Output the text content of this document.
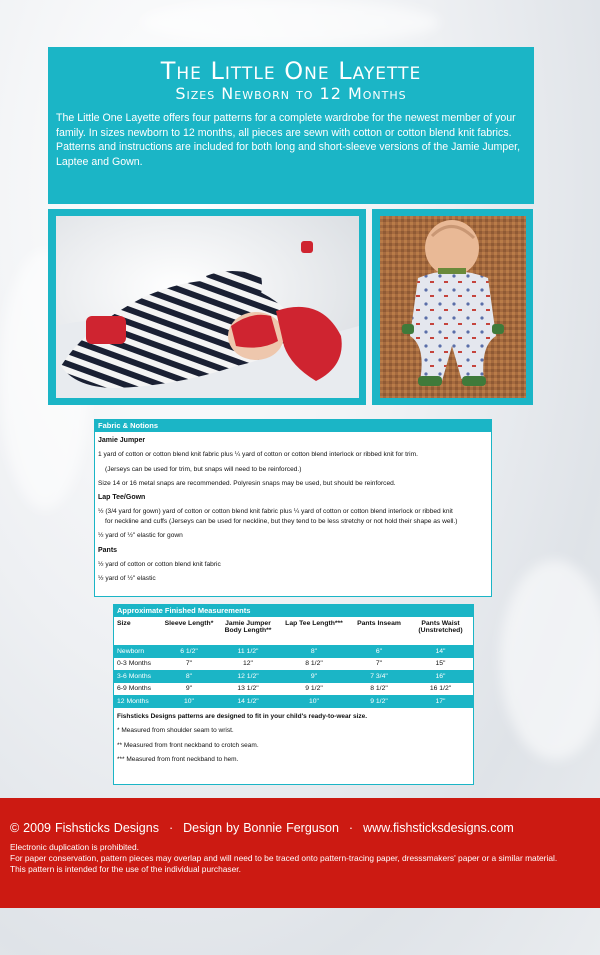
The Little One Layette
Sizes Newborn to 12 Months
The Little One Layette offers four patterns for a complete wardrobe for the newest member of your family. In sizes newborn to 12 months, all pieces are sewn with cotton or cotton blend knit fabrics. Patterns and instructions are included for both long and short-sleeve versions of the Jamie Jumper, Laptee and Gown.
Fabric & Notions
Jamie Jumper
1 yard of cotton or cotton blend knit fabric plus ¼ yard of cotton or cotton blend interlock or ribbed knit for trim.
(Jerseys can be used for trim, but snaps will need to be reinforced.)
Size 14 or 16 metal snaps are recommended. Polyresin snaps may be used, but should be reinforced.
Lap Tee/Gown
½ (3/4 yard for gown) yard of cotton or cotton blend knit fabric plus ¼ yard of cotton or cotton blend interlock or ribbed knit
for neckline and cuffs (Jerseys can be used for neckline, but they tend to be less stretchy or not hold their shape as well.)
½ yard of ½" elastic for gown
Pants
½ yard of cotton or cotton blend knit fabric
½ yard of ½" elastic
Approximate Finished Measurements
Size	Sleeve Length*	Jamie Jumper Body Length**	Lap Tee Length***	Pants Inseam	Pants Waist (Unstretched)
Newborn	6 1/2"	11 1/2"	8"	6"	14"
0-3 Months	7"	12"	8 1/2"	7"	15"
3-6 Months	8"	12 1/2"	9"	7 3/4"	16"
6-9 Months	9"	13 1/2"	9 1/2"	8 1/2"	16 1/2"
12 Months	10"	14 1/2"	10"	9 1/2"	17"
Fishsticks Designs patterns are designed to fit in your child's ready-to-wear size.
* Measured from shoulder seam to wrist.
** Measured from front neckband to crotch seam.
*** Measured from front neckband to hem.
© 2009 Fishsticks Designs · Design by Bonnie Ferguson · www.fishsticksdesigns.com
Electronic duplication is prohibited.
For paper conservation, pattern pieces may overlap and will need to be traced onto pattern-tracing paper, dresssmakers' paper or a similar material.
This pattern is intended for the use of the individual purchaser.
